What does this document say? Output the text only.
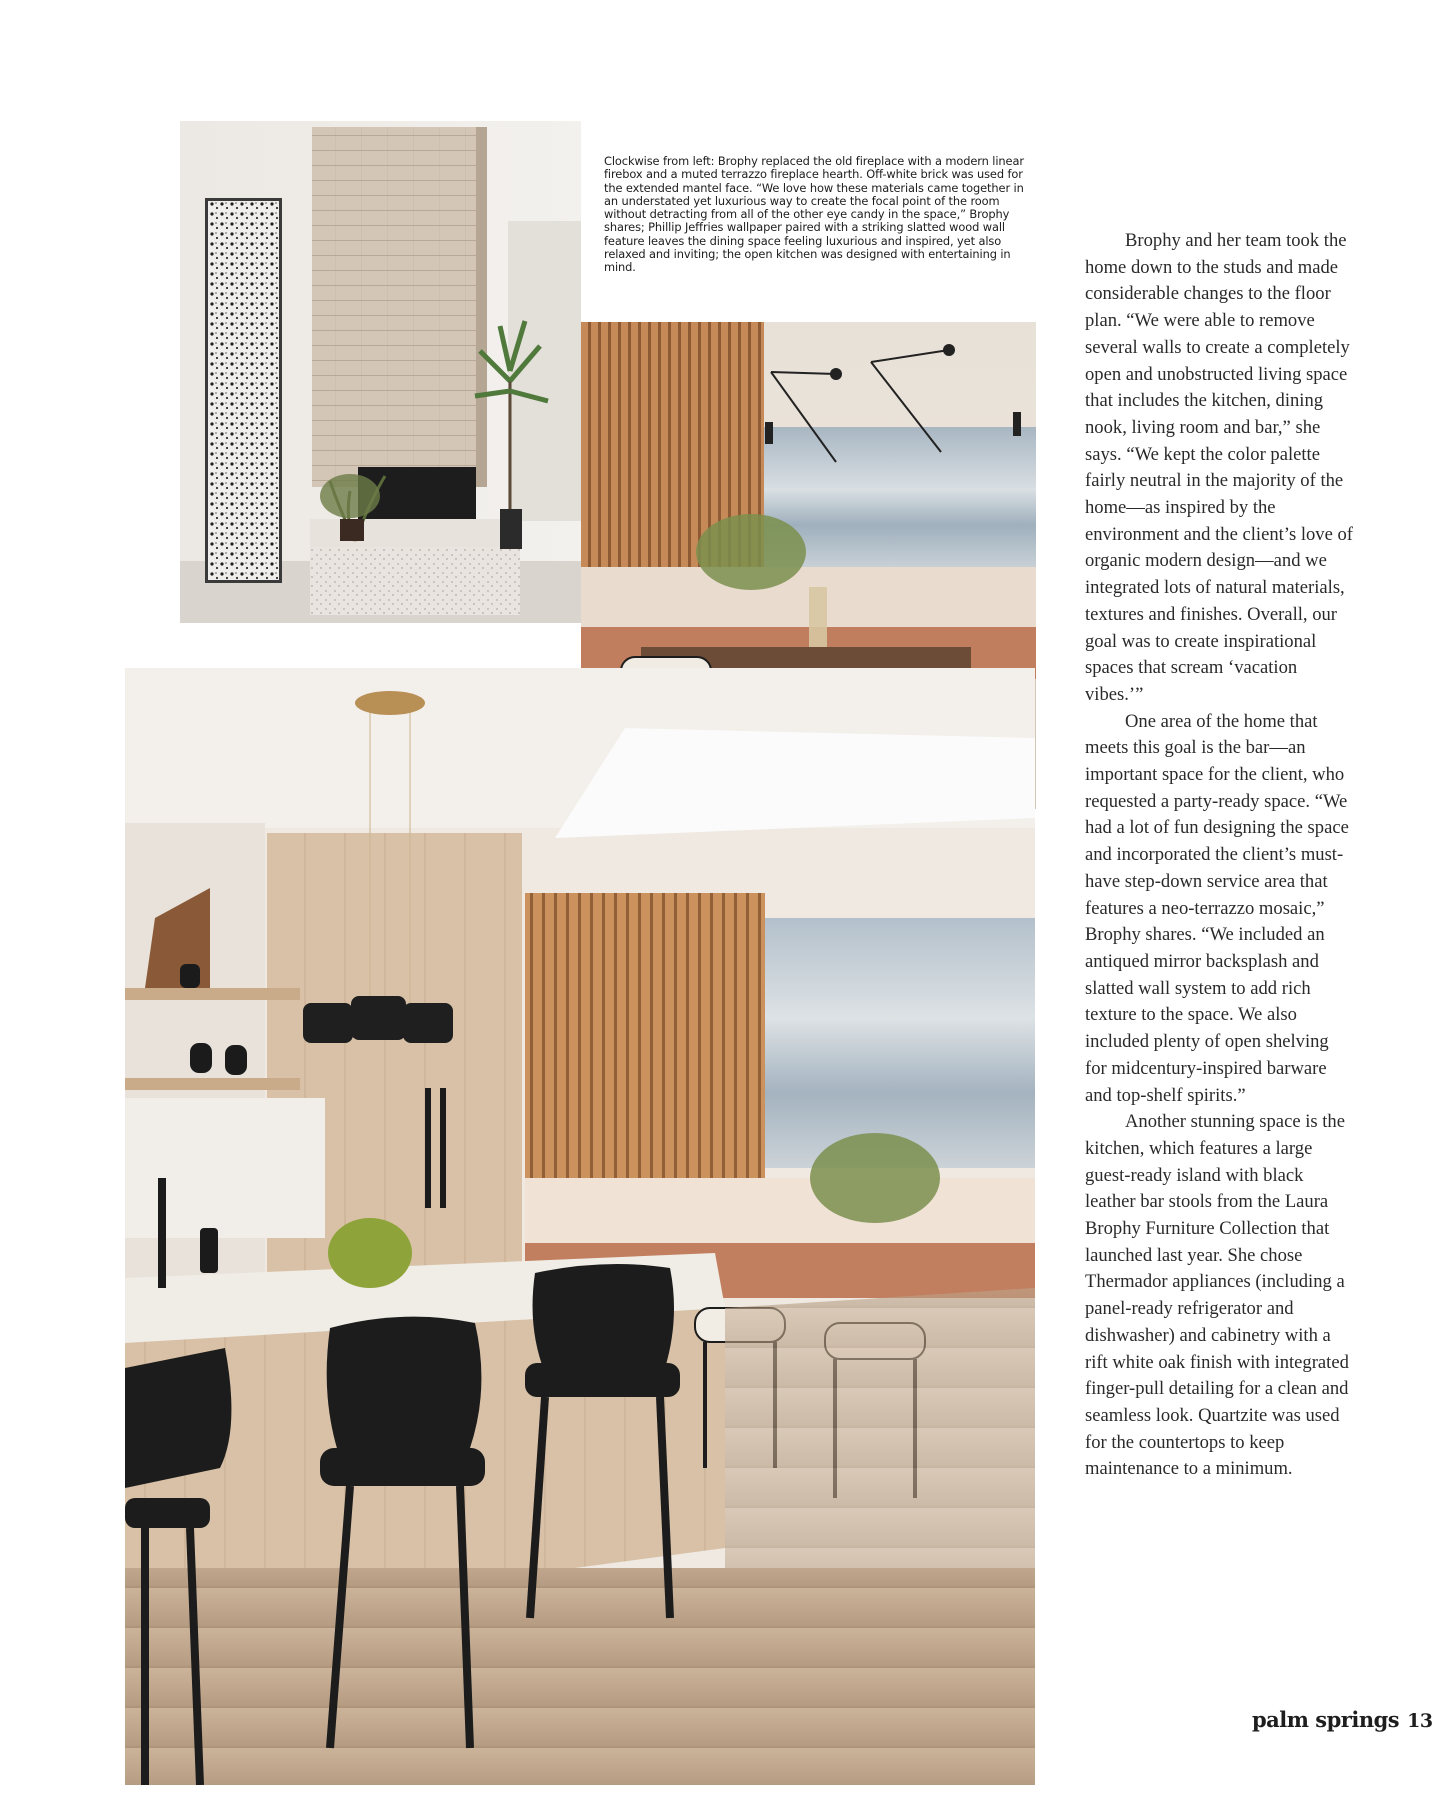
Clockwise from left: Brophy replaced the old fireplace with a modern linear firebox and a muted terrazzo fireplace hearth. Off-white brick was used for the extended mantel face. “We love how these materials came together in an understated yet luxurious way to create the focal point of the room without detracting from all of the other eye candy in the space,” Brophy shares; Phillip Jeffries wallpaper paired with a striking slatted wood wall feature leaves the dining space feeling luxurious and inspired, yet also relaxed and inviting; the open kitchen was designed with entertaining in mind.

Brophy and her team took the home down to the studs and made considerable changes to the floor plan. “We were able to remove several walls to create a completely open and unobstructed living space that includes the kitchen, dining nook, living room and bar,” she says. “We kept the color palette fairly neutral in the majority of the home—as inspired by the environment and the client’s love of organic modern design—and we integrated lots of natural materials, textures and finishes. Overall, our goal was to create inspirational spaces that scream ‘vacation vibes.’”

One area of the home that meets this goal is the bar—an important space for the client, who requested a party-ready space. “We had a lot of fun designing the space and incorporated the client’s must-have step-down service area that features a neo-terrazzo mosaic,” Brophy shares. “We included an antiqued mirror backsplash and slatted wall system to add rich texture to the space. We also included plenty of open shelving for midcentury-inspired barware and top-shelf spirits.”

Another stunning space is the kitchen, which features a large guest-ready island with black leather bar stools from the Laura Brophy Furniture Collection that launched last year. She chose Thermador appliances (including a panel-ready refrigerator and dishwasher) and cabinetry with a rift white oak finish with integrated finger-pull detailing for a clean and seamless look. Quartzite was used for the countertops to keep maintenance to a minimum.

palm springs 13
